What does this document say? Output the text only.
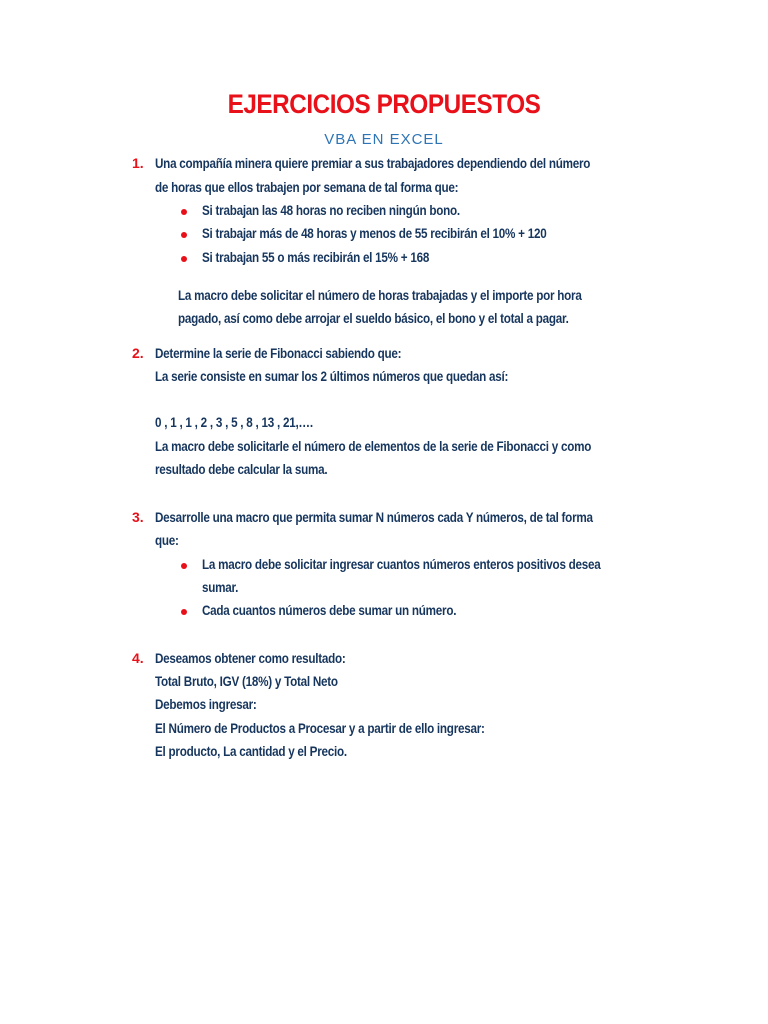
EJERCICIOS PROPUESTOS
VBA EN EXCEL
1. Una compañía minera quiere premiar a sus trabajadores dependiendo del número
de horas que ellos trabajen por semana de tal forma que:
Si trabajan las 48 horas no reciben ningún bono.
Si trabajar más de 48 horas y menos de 55 recibirán el 10% + 120
Si trabajan 55 o más recibirán el 15% + 168
La macro debe solicitar el número de horas trabajadas y el importe por hora
pagado, así como debe arrojar el sueldo básico, el bono y el total a pagar.
2. Determine la serie de Fibonacci sabiendo que:
La serie consiste en sumar los 2 últimos números que quedan así:
0 , 1 , 1 , 2 , 3 , 5 , 8 , 13 , 21,….
La macro debe solicitarle el número de elementos de la serie de Fibonacci y como
resultado debe calcular la suma.
3. Desarrolle una macro que permita sumar N números cada Y números, de tal forma
que:
La macro debe solicitar ingresar cuantos números enteros positivos desea
sumar.
Cada cuantos números debe sumar un número.
4. Deseamos obtener como resultado:
Total Bruto, IGV (18%) y Total Neto
Debemos ingresar:
El Número de Productos a Procesar y a partir de ello ingresar:
El producto, La cantidad y el Precio.
